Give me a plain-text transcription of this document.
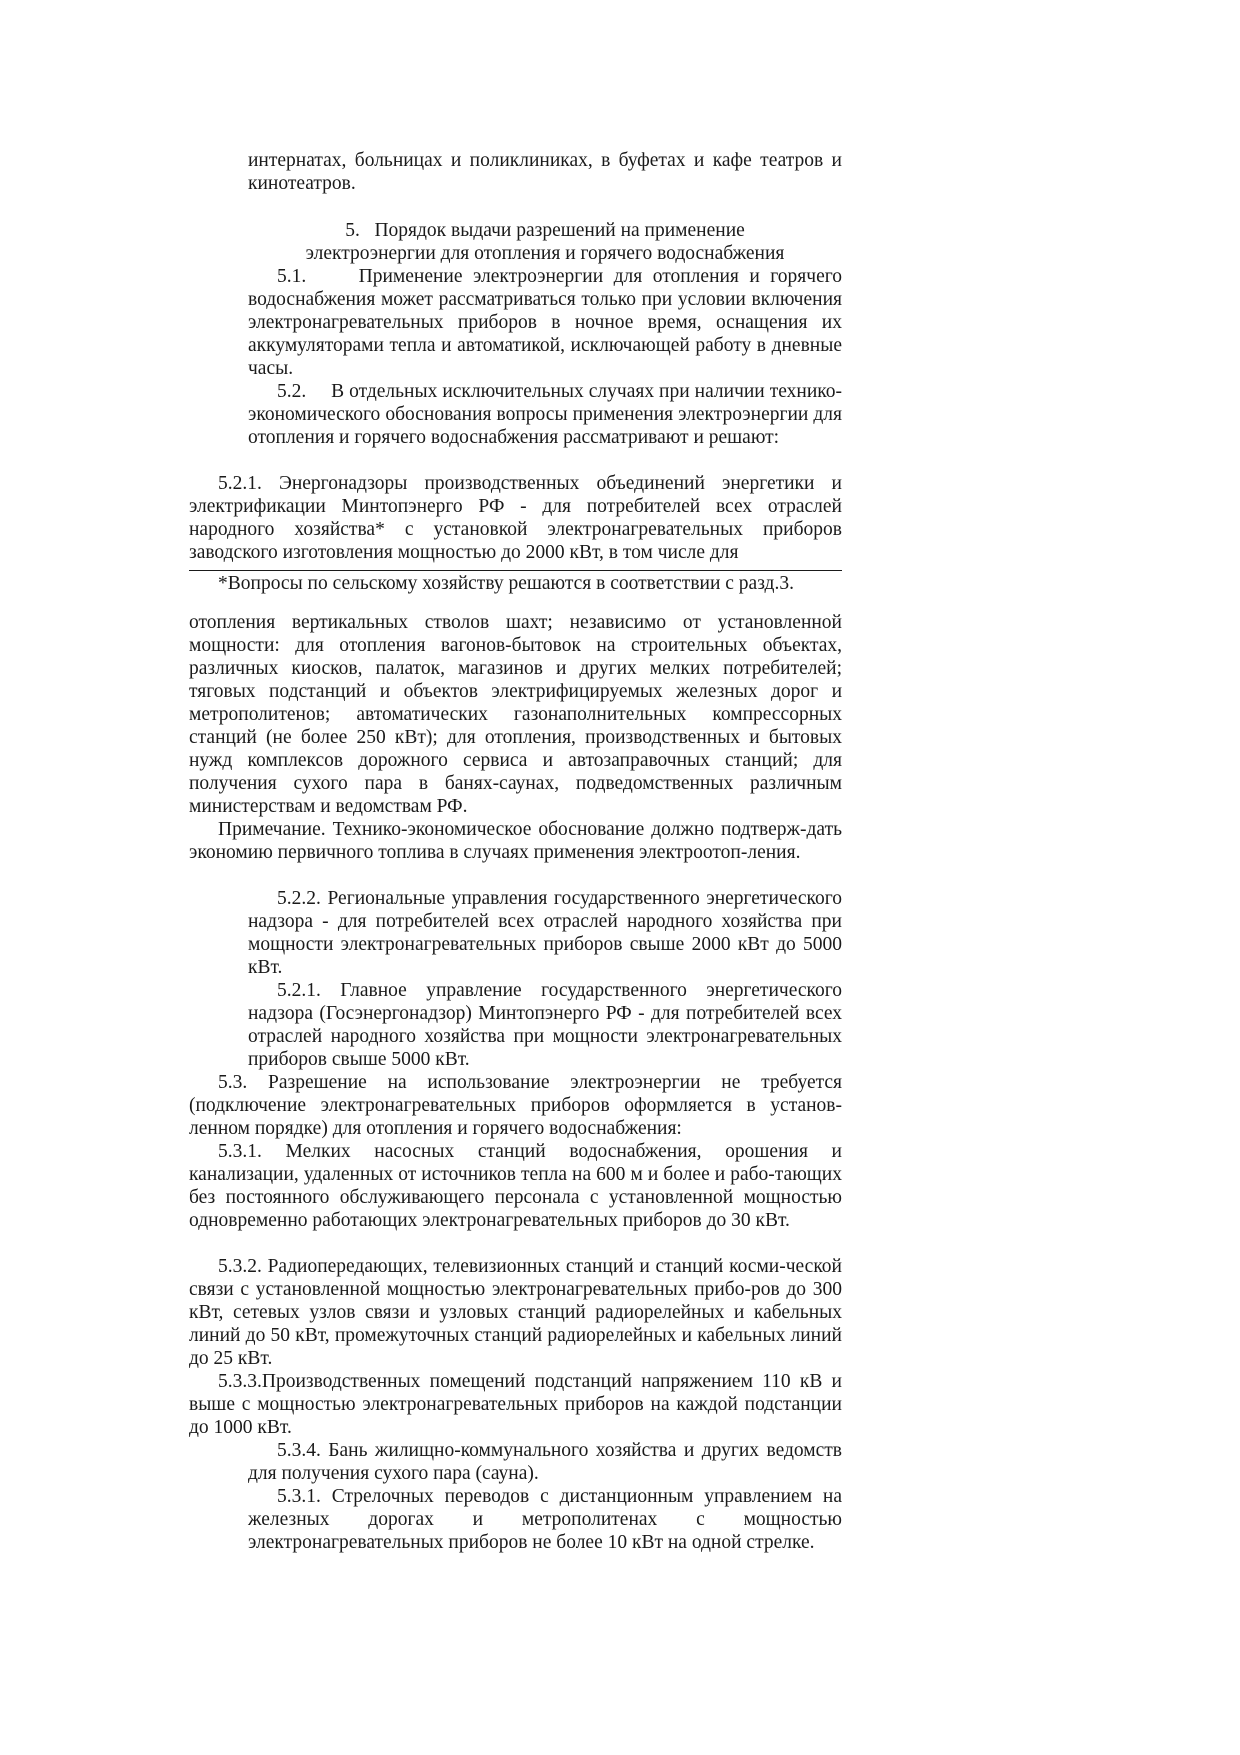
интернатах, больницах и поликлиниках, в буфетах и кафе театров и кинотеатров.

5.   Порядок выдачи разрешений на применение
электроэнергии для отопления и горячего водоснабжения

5.1.     Применение электроэнергии для отопления и горячего водоснабжения может рассматриваться только при условии включения электронагревательных приборов в ночное время, оснащения их аккумуляторами тепла и автоматикой, исключающей работу в дневные часы.

5.2.     В отдельных исключительных случаях при наличии технико-экономического обоснования вопросы применения электроэнергии для отопления и горячего водоснабжения рассматривают и решают:

5.2.1. Энергонадзоры производственных объединений энергетики и электрификации Минтопэнерго РФ - для потребителей всех отраслей народного хозяйства* с установкой электронагревательных приборов заводского изготовления мощностью до 2000 кВт, в том числе для

*Вопросы по сельскому хозяйству решаются в соответствии с разд.3.

отопления вертикальных стволов шахт; независимо от установленной мощности: для отопления вагонов-бытовок на строительных объектах, различных киосков, палаток, магазинов и других мелких потребителей; тяговых подстанций и объектов электрифицируемых железных дорог и метрополитенов; автоматических газонаполнительных компрессорных станций (не более 250 кВт); для отопления, производственных и бытовых нужд комплексов дорожного сервиса и автозаправочных станций; для получения сухого пара в банях-саунах, подведомственных различным министерствам и ведомствам РФ.

Примечание. Технико-экономическое обоснование должно подтверж-дать экономию первичного топлива в случаях применения электроотоп-ления.

5.2.2. Региональные управления государственного энергетического надзора - для потребителей всех отраслей народного хозяйства при мощности электронагревательных приборов свыше 2000 кВт до 5000 кВт.

5.2.1. Главное управление государственного энергетического надзора (Госэнергонадзор) Минтопэнерго РФ - для потребителей всех отраслей народного хозяйства при мощности электронагревательных приборов свыше 5000 кВт.

5.3. Разрешение на использование электроэнергии не требуется (подключение электронагревательных приборов оформляется в установ-ленном порядке) для отопления и горячего водоснабжения:

5.3.1. Мелких насосных станций водоснабжения, орошения и канализации, удаленных от источников тепла на 600 м и более и рабо-тающих без постоянного обслуживающего персонала с установленной мощностью одновременно работающих электронагревательных приборов до 30 кВт.

5.3.2. Радиопередающих, телевизионных станций и станций косми-ческой связи с установленной мощностью электронагревательных прибо-ров до 300 кВт, сетевых узлов связи и узловых станций радиорелейных и кабельных линий до 50 кВт, промежуточных станций радиорелейных и кабельных линий до 25 кВт.

5.3.3.Производственных помещений подстанций напряжением 110 кВ и выше с мощностью электронагревательных приборов на каждой подстанции до 1000 кВт.

5.3.4. Бань жилищно-коммунального хозяйства и других ведомств для получения сухого пара (сауна).

5.3.1. Стрелочных переводов с дистанционным управлением на железных дорогах и метрополитенах с мощностью электронагревательных приборов не более 10 кВт на одной стрелке.
